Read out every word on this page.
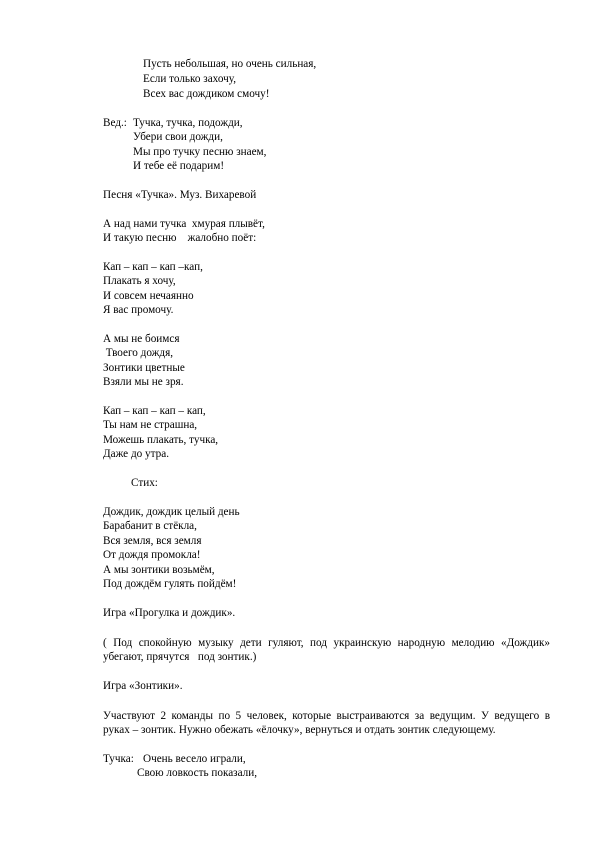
Пусть небольшая, но очень сильная,
Если только захочу,
Всех вас дождиком смочу!
Вед.: Тучка, тучка, подожди,
Убери свои дожди,
Мы про тучку песню знаем,
И тебе её подарим!
Песня «Тучка». Муз. Вихаревой
А над нами тучка  хмурая плывёт,
И такую песню    жалобно поёт:
Кап – кап – кап –кап,
Плакать я хочу,
И совсем нечаянно
Я вас промочу.
А мы не боимся
Твоего дождя,
Зонтики цветные
Взяли мы не зря.
Кап – кап – кап – кап,
Ты нам не страшна,
Можешь плакать, тучка,
Даже до утра.
Стих:
Дождик, дождик целый день
Барабанит в стёкла,
Вся земля, вся земля
От дождя промокла!
А мы зонтики возьмём,
Под дождём гулять пойдём!
Игра «Прогулка и дождик».
( Под спокойную музыку дети гуляют, под украинскую народную мелодию «Дождик»
убегают, прячутся   под зонтик.)
Игра «Зонтики».
Участвуют 2 команды по 5 человек, которые выстраиваются за ведущим. У ведущего в
руках – зонтик. Нужно обежать «ёлочку», вернуться и отдать зонтик следующему.
Тучка: Очень весело играли,
Свою ловкость показали,
